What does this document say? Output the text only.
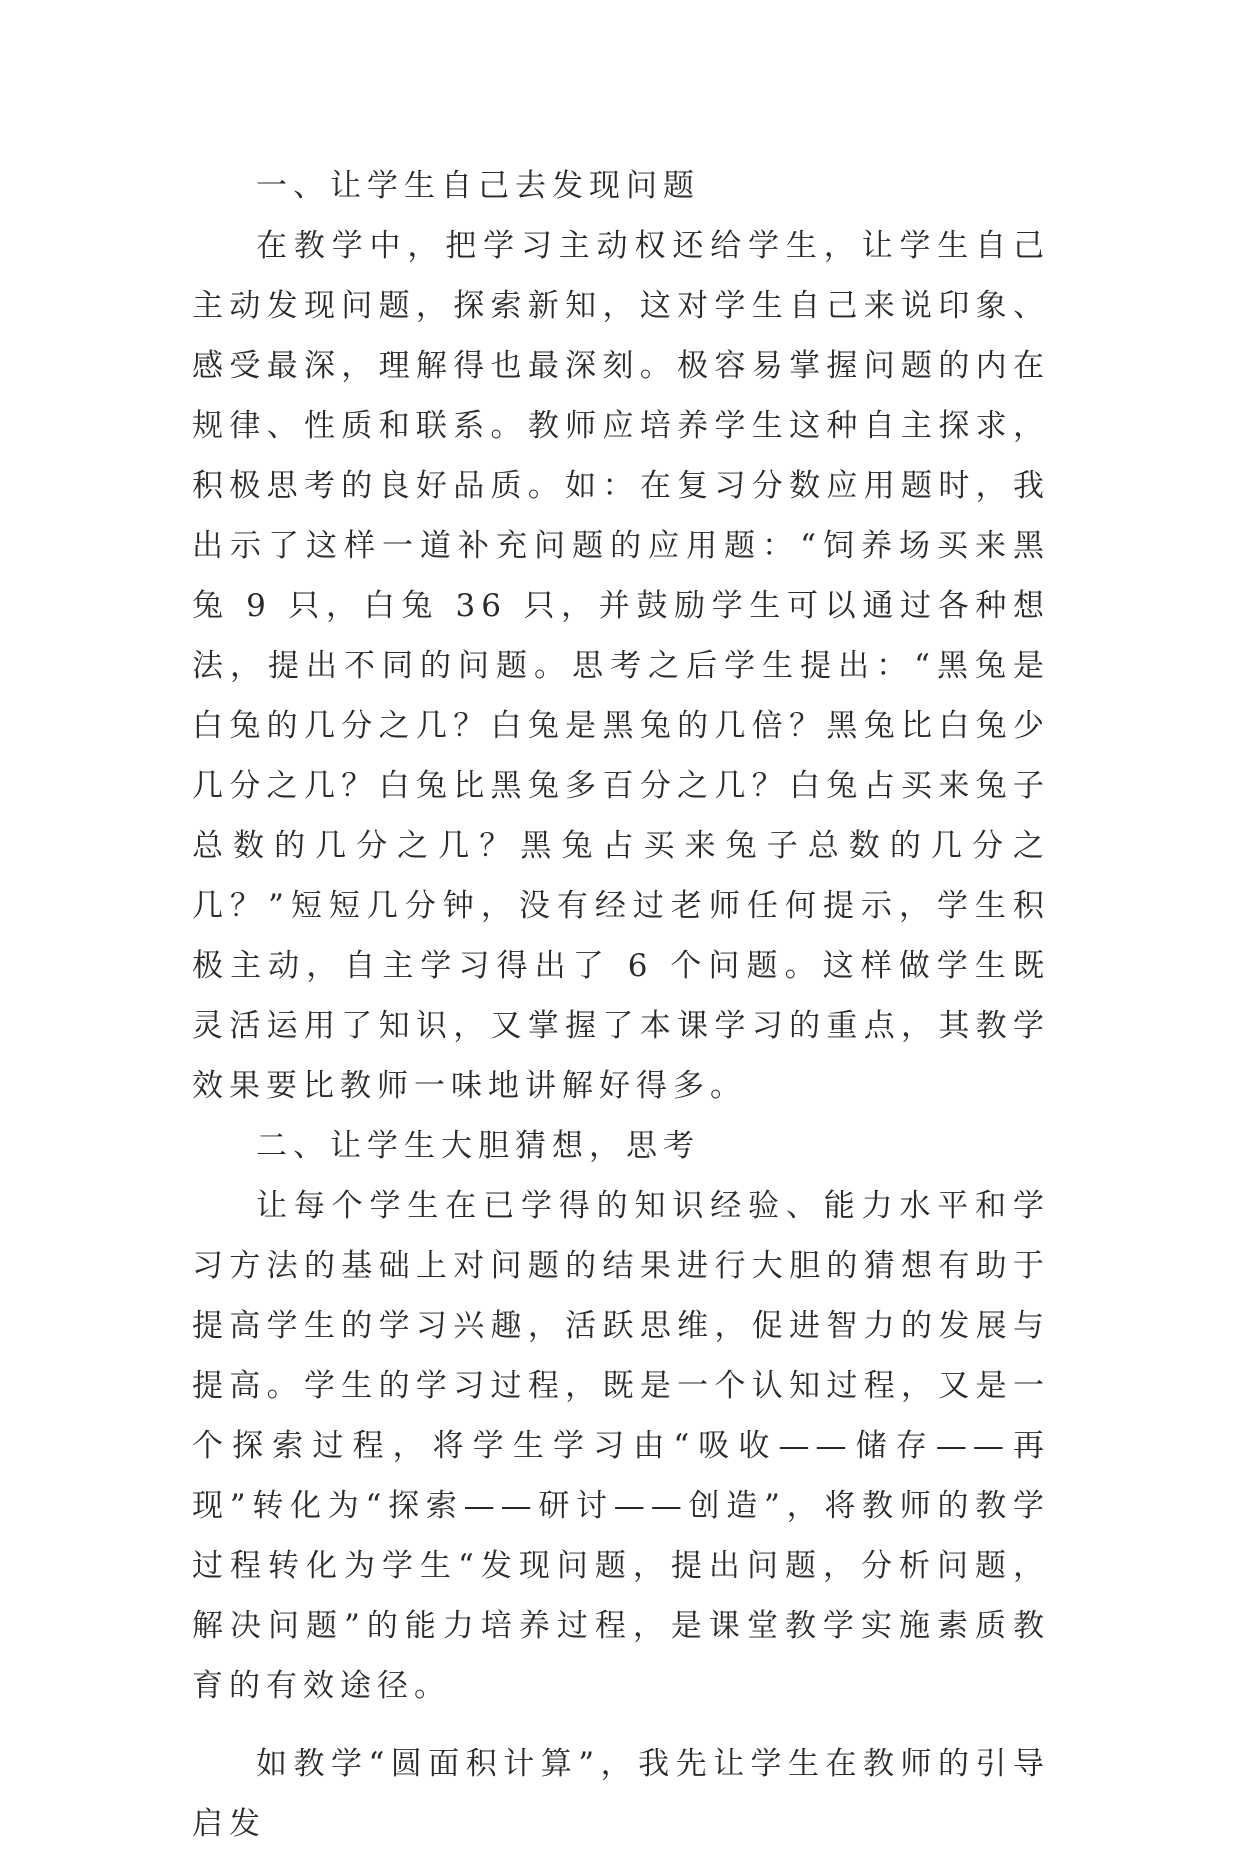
一、让学生自己去发现问题

在教学中，把学习主动权还给学生，让学生自己主动发现问题，探索新知，这对学生自己来说印象、感受最深，理解得也最深刻。极容易掌握问题的内在规律、性质和联系。教师应培养学生这种自主探求，积极思考的良好品质。如：在复习分数应用题时，我出示了这样一道补充问题的应用题：“饲养场买来黑兔 9 只，白兔 36 只，并鼓励学生可以通过各种想法，提出不同的问题。思考之后学生提出：“黑兔是白兔的几分之几？白兔是黑兔的几倍？黑兔比白兔少几分之几？白兔比黑兔多百分之几？白兔占买来兔子总数的几分之几？黑兔占买来兔子总数的几分之几？”短短几分钟，没有经过老师任何提示，学生积极主动，自主学习得出了 6 个问题。这样做学生既灵活运用了知识，又掌握了本课学习的重点，其教学效果要比教师一味地讲解好得多。

二、让学生大胆猜想，思考

让每个学生在已学得的知识经验、能力水平和学习方法的基础上对问题的结果进行大胆的猜想有助于提高学生的学习兴趣，活跃思维，促进智力的发展与提高。学生的学习过程，既是一个认知过程，又是一个探索过程，将学生学习由“吸收——储存——再现”转化为“探索——研讨——创造”，将教师的教学过程转化为学生“发现问题，提出问题，分析问题，解决问题”的能力培养过程，是课堂教学实施素质教育的有效途径。

如教学“圆面积计算”，我先让学生在教师的引导启发
